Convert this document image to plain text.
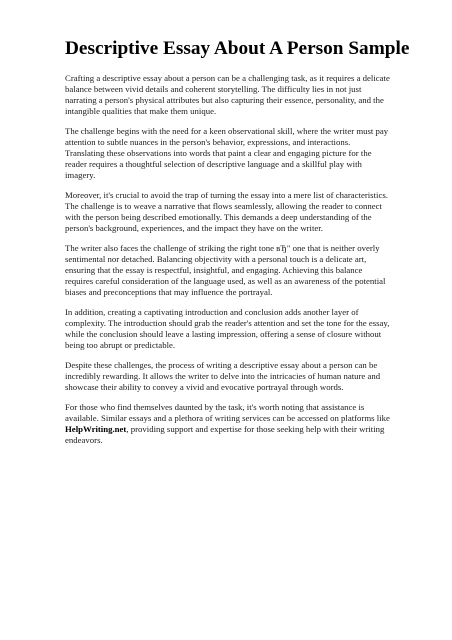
Descriptive Essay About A Person Sample

Crafting a descriptive essay about a person can be a challenging task, as it requires a delicate balance between vivid details and coherent storytelling. The difficulty lies in not just narrating a person's physical attributes but also capturing their essence, personality, and the intangible qualities that make them unique.

The challenge begins with the need for a keen observational skill, where the writer must pay attention to subtle nuances in the person's behavior, expressions, and interactions. Translating these observations into words that paint a clear and engaging picture for the reader requires a thoughtful selection of descriptive language and a skillful play with imagery.

Moreover, it's crucial to avoid the trap of turning the essay into a mere list of characteristics. The challenge is to weave a narrative that flows seamlessly, allowing the reader to connect with the person being described emotionally. This demands a deep understanding of the person's background, experiences, and the impact they have on the writer.

The writer also faces the challenge of striking the right tone вЂ" one that is neither overly sentimental nor detached. Balancing objectivity with a personal touch is a delicate art, ensuring that the essay is respectful, insightful, and engaging. Achieving this balance requires careful consideration of the language used, as well as an awareness of the potential biases and preconceptions that may influence the portrayal.

In addition, creating a captivating introduction and conclusion adds another layer of complexity. The introduction should grab the reader's attention and set the tone for the essay, while the conclusion should leave a lasting impression, offering a sense of closure without being too abrupt or predictable.

Despite these challenges, the process of writing a descriptive essay about a person can be incredibly rewarding. It allows the writer to delve into the intricacies of human nature and showcase their ability to convey a vivid and evocative portrayal through words.

For those who find themselves daunted by the task, it's worth noting that assistance is available. Similar essays and a plethora of writing services can be accessed on platforms like HelpWriting.net, providing support and expertise for those seeking help with their writing endeavors.
